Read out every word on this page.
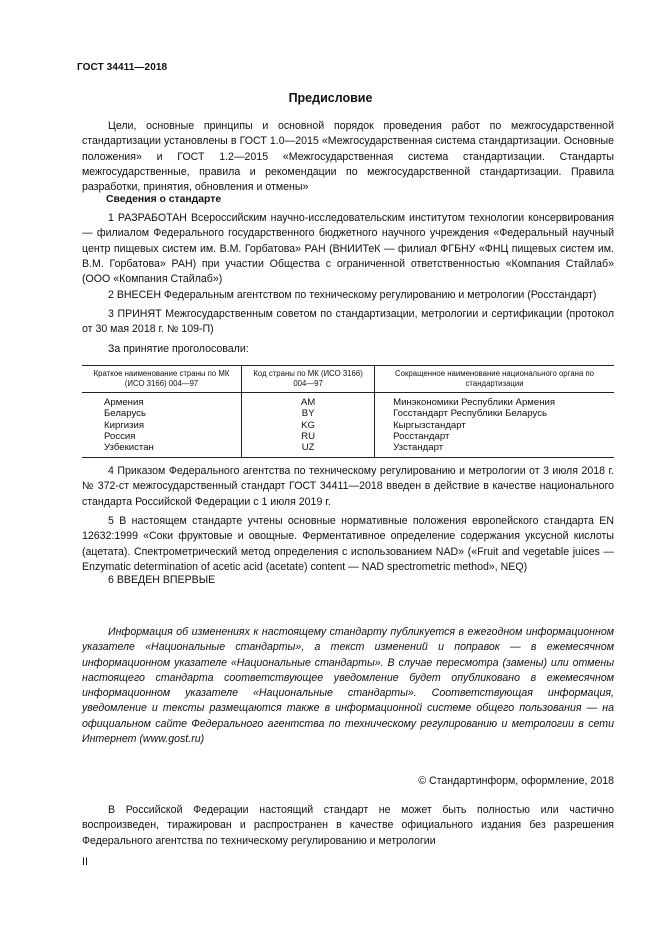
ГОСТ 34411—2018
Предисловие

Цели, основные принципы и основной порядок проведения работ по межгосударственной стандартизации установлены в ГОСТ 1.0—2015 «Межгосударственная система стандартизации. Основные положения» и ГОСТ 1.2—2015 «Межгосударственная система стандартизации. Стандарты межгосударственные, правила и рекомендации по межгосударственной стандартизации. Правила разработки, принятия, обновления и отмены»

Сведения о стандарте

1 РАЗРАБОТАН Всероссийским научно-исследовательским институтом технологии консервирования — филиалом Федерального государственного бюджетного научного учреждения «Федеральный научный центр пищевых систем им. В.М. Горбатова» РАН (ВНИИТеК — филиал ФГБНУ «ФНЦ пищевых систем им. В.М. Горбатова» РАН) при участии Общества с ограниченной ответственностью «Компания Стайлаб» (ООО «Компания Стайлаб»)

2 ВНЕСЕН Федеральным агентством по техническому регулированию и метрологии (Росстандарт)

3 ПРИНЯТ Межгосударственным советом по стандартизации, метрологии и сертификации (протокол от 30 мая 2018 г. № 109-П)

За принятие проголосовали:

Краткое наименование страны по МК (ИСО 3166) 004—97	Код страны по МК (ИСО 3166) 004—97	Сокращенное наименование национального органа по стандартизации
Армения	AM	Минэкономики Республики Армения
Беларусь	BY	Госстандарт Республики Беларусь
Киргизия	KG	Кыргызстандарт
Россия	RU	Росстандарт
Узбекистан	UZ	Узстандарт

4 Приказом Федерального агентства по техническому регулированию и метрологии от 3 июля 2018 г. № 372-ст межгосударственный стандарт ГОСТ 34411—2018 введен в действие в качестве национального стандарта Российской Федерации с 1 июля 2019 г.

5 В настоящем стандарте учтены основные нормативные положения европейского стандарта EN 12632:1999 «Соки фруктовые и овощные. Ферментативное определение содержания уксусной кислоты (ацетата). Спектрометрический метод определения с использованием NAD» («Fruit and vegetable juices — Enzymatic determination of acetic acid (acetate) content — NAD spectrometric method», NEQ)

6 ВВЕДЕН ВПЕРВЫЕ

Информация об изменениях к настоящему стандарту публикуется в ежегодном информационном указателе «Национальные стандарты», а текст изменений и поправок — в ежемесячном информационном указателе «Национальные стандарты». В случае пересмотра (замены) или отмены настоящего стандарта соответствующее уведомление будет опубликовано в ежемесячном информационном указателе «Национальные стандарты». Соответствующая информация, уведомление и тексты размещаются также в информационной системе общего пользования — на официальном сайте Федерального агентства по техническому регулированию и метрологии в сети Интернет (www.gost.ru)

© Стандартинформ, оформление, 2018

В Российской Федерации настоящий стандарт не может быть полностью или частично воспроизведен, тиражирован и распространен в качестве официального издания без разрешения Федерального агентства по техническому регулированию и метрологии

II
